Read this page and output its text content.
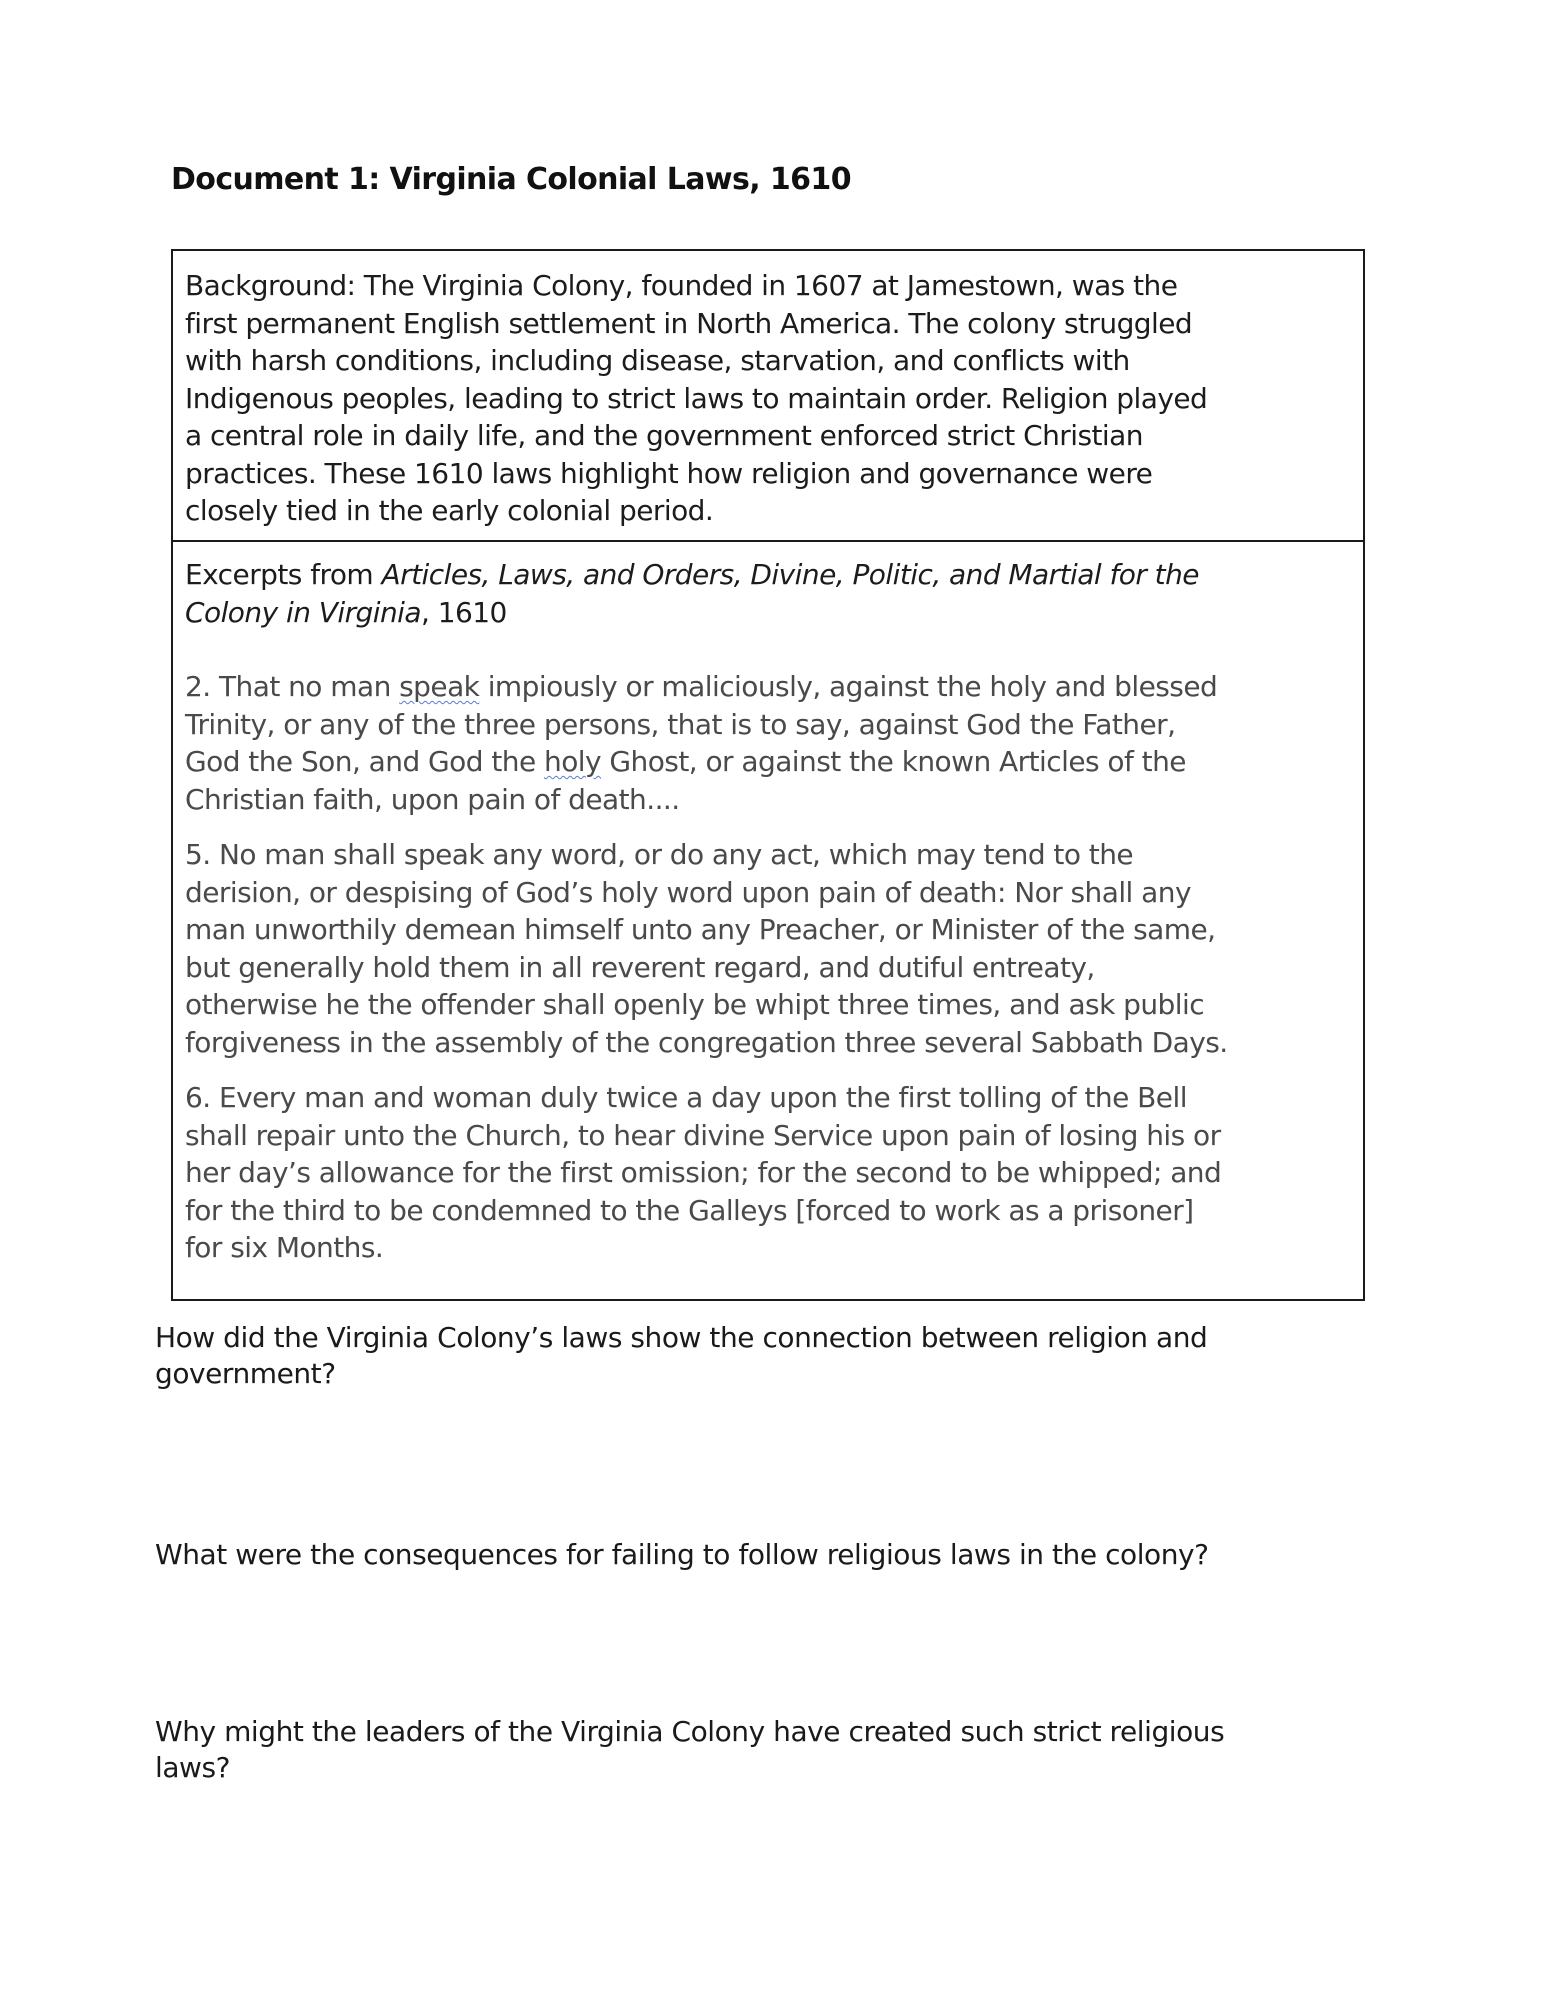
Document 1: Virginia Colonial Laws, 1610

Background: The Virginia Colony, founded in 1607 at Jamestown, was the
first permanent English settlement in North America. The colony struggled
with harsh conditions, including disease, starvation, and conflicts with
Indigenous peoples, leading to strict laws to maintain order. Religion played
a central role in daily life, and the government enforced strict Christian
practices. These 1610 laws highlight how religion and governance were
closely tied in the early colonial period.

Excerpts from Articles, Laws, and Orders, Divine, Politic, and Martial for the
Colony in Virginia, 1610

2. That no man speak impiously or maliciously, against the holy and blessed
Trinity, or any of the three persons, that is to say, against God the Father,
God the Son, and God the holy Ghost, or against the known Articles of the
Christian faith, upon pain of death....

5. No man shall speak any word, or do any act, which may tend to the
derision, or despising of God’s holy word upon pain of death: Nor shall any
man unworthily demean himself unto any Preacher, or Minister of the same,
but generally hold them in all reverent regard, and dutiful entreaty,
otherwise he the offender shall openly be whipt three times, and ask public
forgiveness in the assembly of the congregation three several Sabbath Days.

6. Every man and woman duly twice a day upon the first tolling of the Bell
shall repair unto the Church, to hear divine Service upon pain of losing his or
her day’s allowance for the first omission; for the second to be whipped; and
for the third to be condemned to the Galleys [forced to work as a prisoner]
for six Months.

How did the Virginia Colony’s laws show the connection between religion and
government?

What were the consequences for failing to follow religious laws in the colony?

Why might the leaders of the Virginia Colony have created such strict religious
laws?
